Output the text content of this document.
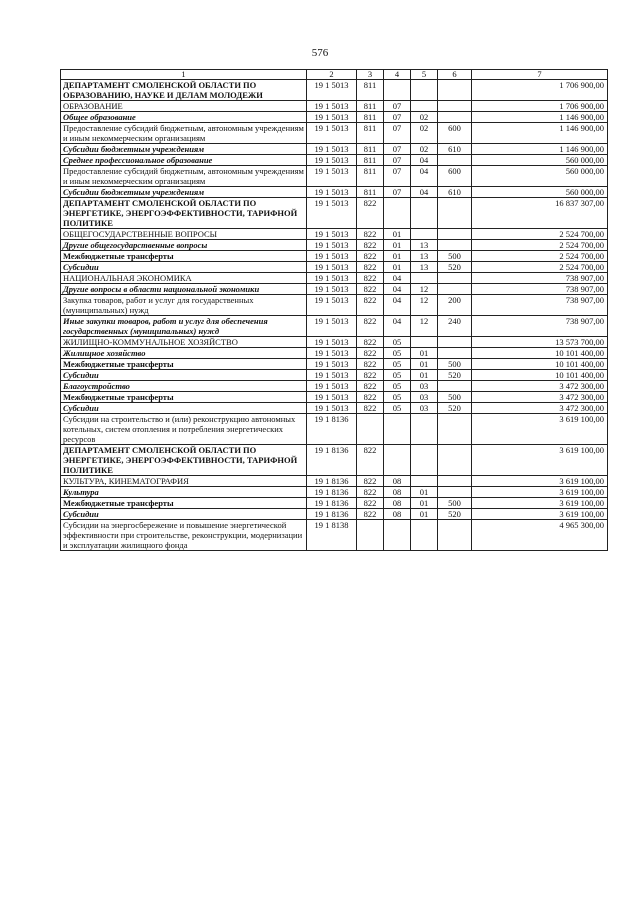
576
1	2	3	4	5	6	7
ДЕПАРТАМЕНТ СМОЛЕНСКОЙ ОБЛАСТИ ПО ОБРАЗОВАНИЮ, НАУКЕ И ДЕЛАМ МОЛОДЕЖИ	19 1 5013	811				1 706 900,00
ОБРАЗОВАНИЕ	19 1 5013	811	07			1 706 900,00
Общее образование	19 1 5013	811	07	02		1 146 900,00
Предоставление субсидий бюджетным, автономным учреждениям и иным некоммерческим организациям	19 1 5013	811	07	02	600	1 146 900,00
Субсидии бюджетным учреждениям	19 1 5013	811	07	02	610	1 146 900,00
Среднее профессиональное образование	19 1 5013	811	07	04		560 000,00
Предоставление субсидий бюджетным, автономным учреждениям и иным некоммерческим организациям	19 1 5013	811	07	04	600	560 000,00
Субсидии бюджетным учреждениям	19 1 5013	811	07	04	610	560 000,00
ДЕПАРТАМЕНТ СМОЛЕНСКОЙ ОБЛАСТИ ПО ЭНЕРГЕТИКЕ, ЭНЕРГОЭФФЕКТИВНОСТИ, ТАРИФНОЙ ПОЛИТИКЕ	19 1 5013	822				16 837 307,00
ОБЩЕГОСУДАРСТВЕННЫЕ ВОПРОСЫ	19 1 5013	822	01			2 524 700,00
Другие общегосударственные вопросы	19 1 5013	822	01	13		2 524 700,00
Межбюджетные трансферты	19 1 5013	822	01	13	500	2 524 700,00
Субсидии	19 1 5013	822	01	13	520	2 524 700,00
НАЦИОНАЛЬНАЯ ЭКОНОМИКА	19 1 5013	822	04			738 907,00
Другие вопросы в области национальной экономики	19 1 5013	822	04	12		738 907,00
Закупка товаров, работ и услуг для государственных (муниципальных) нужд	19 1 5013	822	04	12	200	738 907,00
Иные закупки товаров, работ и услуг для обеспечения государственных (муниципальных) нужд	19 1 5013	822	04	12	240	738 907,00
ЖИЛИЩНО-КОММУНАЛЬНОЕ ХОЗЯЙСТВО	19 1 5013	822	05			13 573 700,00
Жилищное хозяйство	19 1 5013	822	05	01		10 101 400,00
Межбюджетные трансферты	19 1 5013	822	05	01	500	10 101 400,00
Субсидии	19 1 5013	822	05	01	520	10 101 400,00
Благоустройство	19 1 5013	822	05	03		3 472 300,00
Межбюджетные трансферты	19 1 5013	822	05	03	500	3 472 300,00
Субсидии	19 1 5013	822	05	03	520	3 472 300,00
Субсидии на строительство и (или) реконструкцию автономных котельных, систем отопления и потребления энергетических ресурсов	19 1 8136					3 619 100,00
ДЕПАРТАМЕНТ СМОЛЕНСКОЙ ОБЛАСТИ ПО ЭНЕРГЕТИКЕ, ЭНЕРГОЭФФЕКТИВНОСТИ, ТАРИФНОЙ ПОЛИТИКЕ	19 1 8136	822				3 619 100,00
КУЛЬТУРА, КИНЕМАТОГРАФИЯ	19 1 8136	822	08			3 619 100,00
Культура	19 1 8136	822	08	01		3 619 100,00
Межбюджетные трансферты	19 1 8136	822	08	01	500	3 619 100,00
Субсидии	19 1 8136	822	08	01	520	3 619 100,00
Субсидии на энергосбережение и повышение энергетической эффективности при строительстве, реконструкции, модернизации и эксплуатации жилищного фонда	19 1 8138					4 965 300,00
